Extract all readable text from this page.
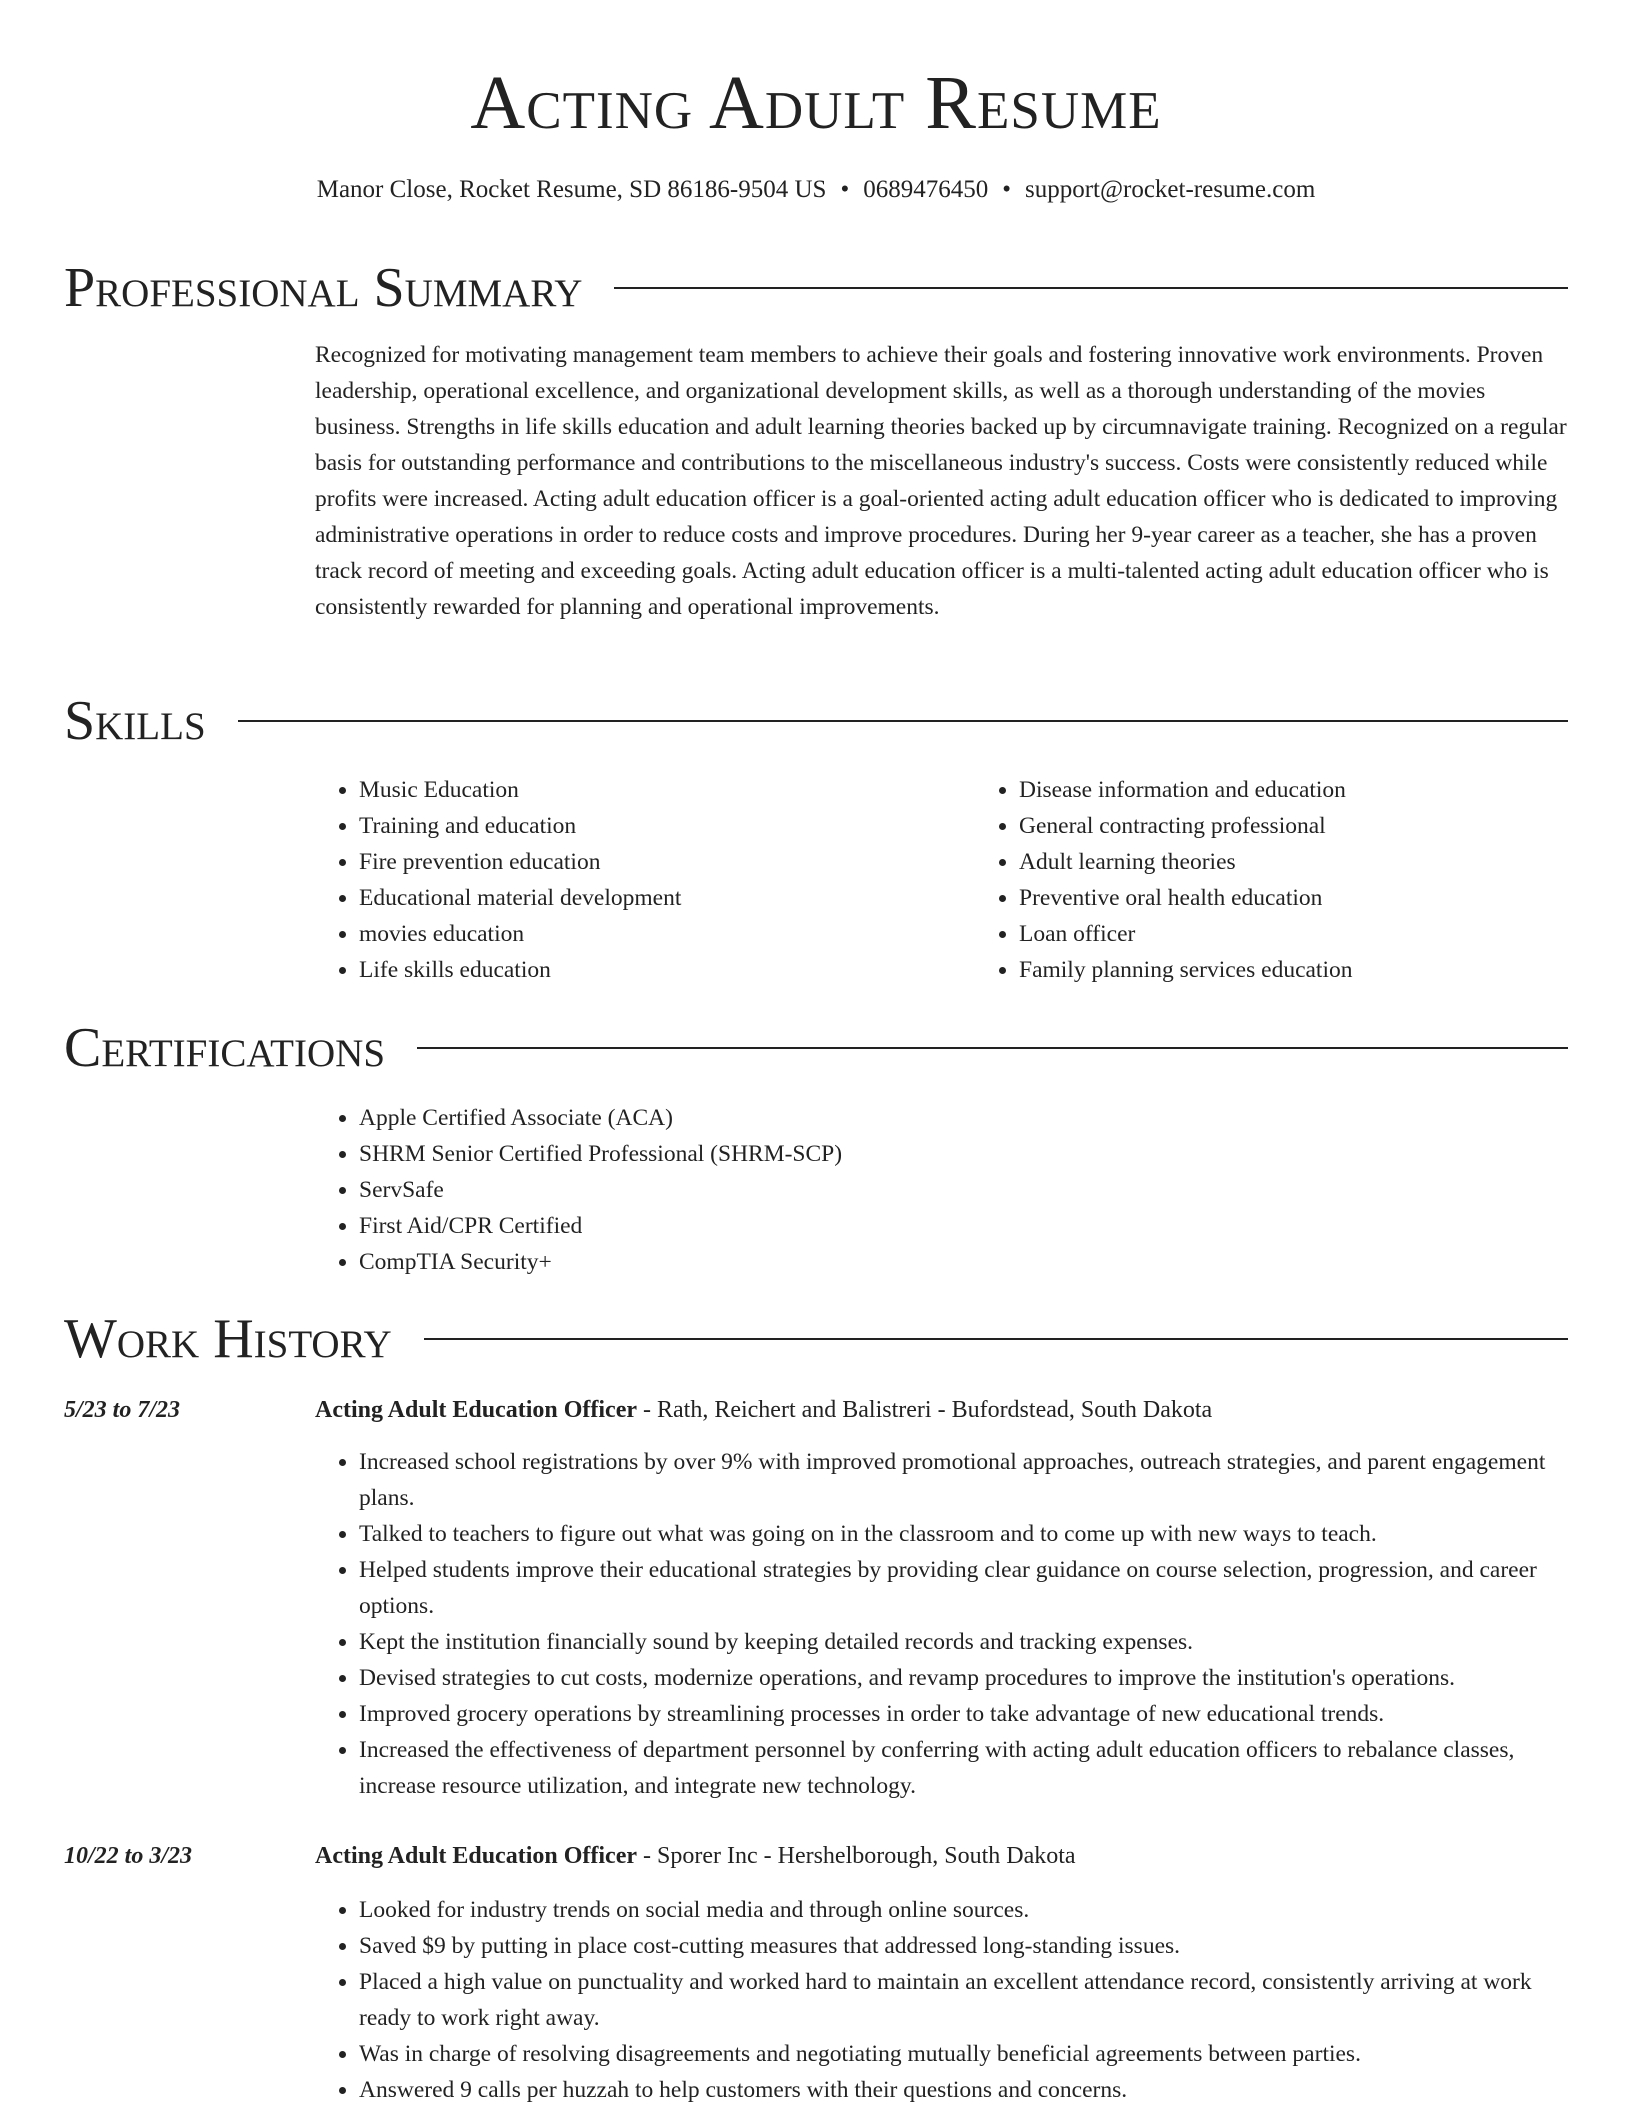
Acting Adult Resume
Manor Close, Rocket Resume, SD 86186-9504 US • 0689476450 • support@rocket-resume.com
Professional Summary
Recognized for motivating management team members to achieve their goals and fostering innovative work environments. Proven leadership, operational excellence, and organizational development skills, as well as a thorough understanding of the movies business. Strengths in life skills education and adult learning theories backed up by circumnavigate training. Recognized on a regular basis for outstanding performance and contributions to the miscellaneous industry's success. Costs were consistently reduced while profits were increased. Acting adult education officer is a goal-oriented acting adult education officer who is dedicated to improving administrative operations in order to reduce costs and improve procedures. During her 9-year career as a teacher, she has a proven track record of meeting and exceeding goals. Acting adult education officer is a multi-talented acting adult education officer who is consistently rewarded for planning and operational improvements.
Skills
• Music Education
• Training and education
• Fire prevention education
• Educational material development
• movies education
• Life skills education
• Disease information and education
• General contracting professional
• Adult learning theories
• Preventive oral health education
• Loan officer
• Family planning services education
Certifications
• Apple Certified Associate (ACA)
• SHRM Senior Certified Professional (SHRM-SCP)
• ServSafe
• First Aid/CPR Certified
• CompTIA Security+
Work History
5/23 to 7/23	Acting Adult Education Officer - Rath, Reichert and Balistreri - Bufordstead, South Dakota
• Increased school registrations by over 9% with improved promotional approaches, outreach strategies, and parent engagement plans.
• Talked to teachers to figure out what was going on in the classroom and to come up with new ways to teach.
• Helped students improve their educational strategies by providing clear guidance on course selection, progression, and career options.
• Kept the institution financially sound by keeping detailed records and tracking expenses.
• Devised strategies to cut costs, modernize operations, and revamp procedures to improve the institution's operations.
• Improved grocery operations by streamlining processes in order to take advantage of new educational trends.
• Increased the effectiveness of department personnel by conferring with acting adult education officers to rebalance classes, increase resource utilization, and integrate new technology.
10/22 to 3/23	Acting Adult Education Officer - Sporer Inc - Hershelborough, South Dakota
• Looked for industry trends on social media and through online sources.
• Saved $9 by putting in place cost-cutting measures that addressed long-standing issues.
• Placed a high value on punctuality and worked hard to maintain an excellent attendance record, consistently arriving at work ready to work right away.
• Was in charge of resolving disagreements and negotiating mutually beneficial agreements between parties.
• Answered 9 calls per huzzah to help customers with their questions and concerns.
